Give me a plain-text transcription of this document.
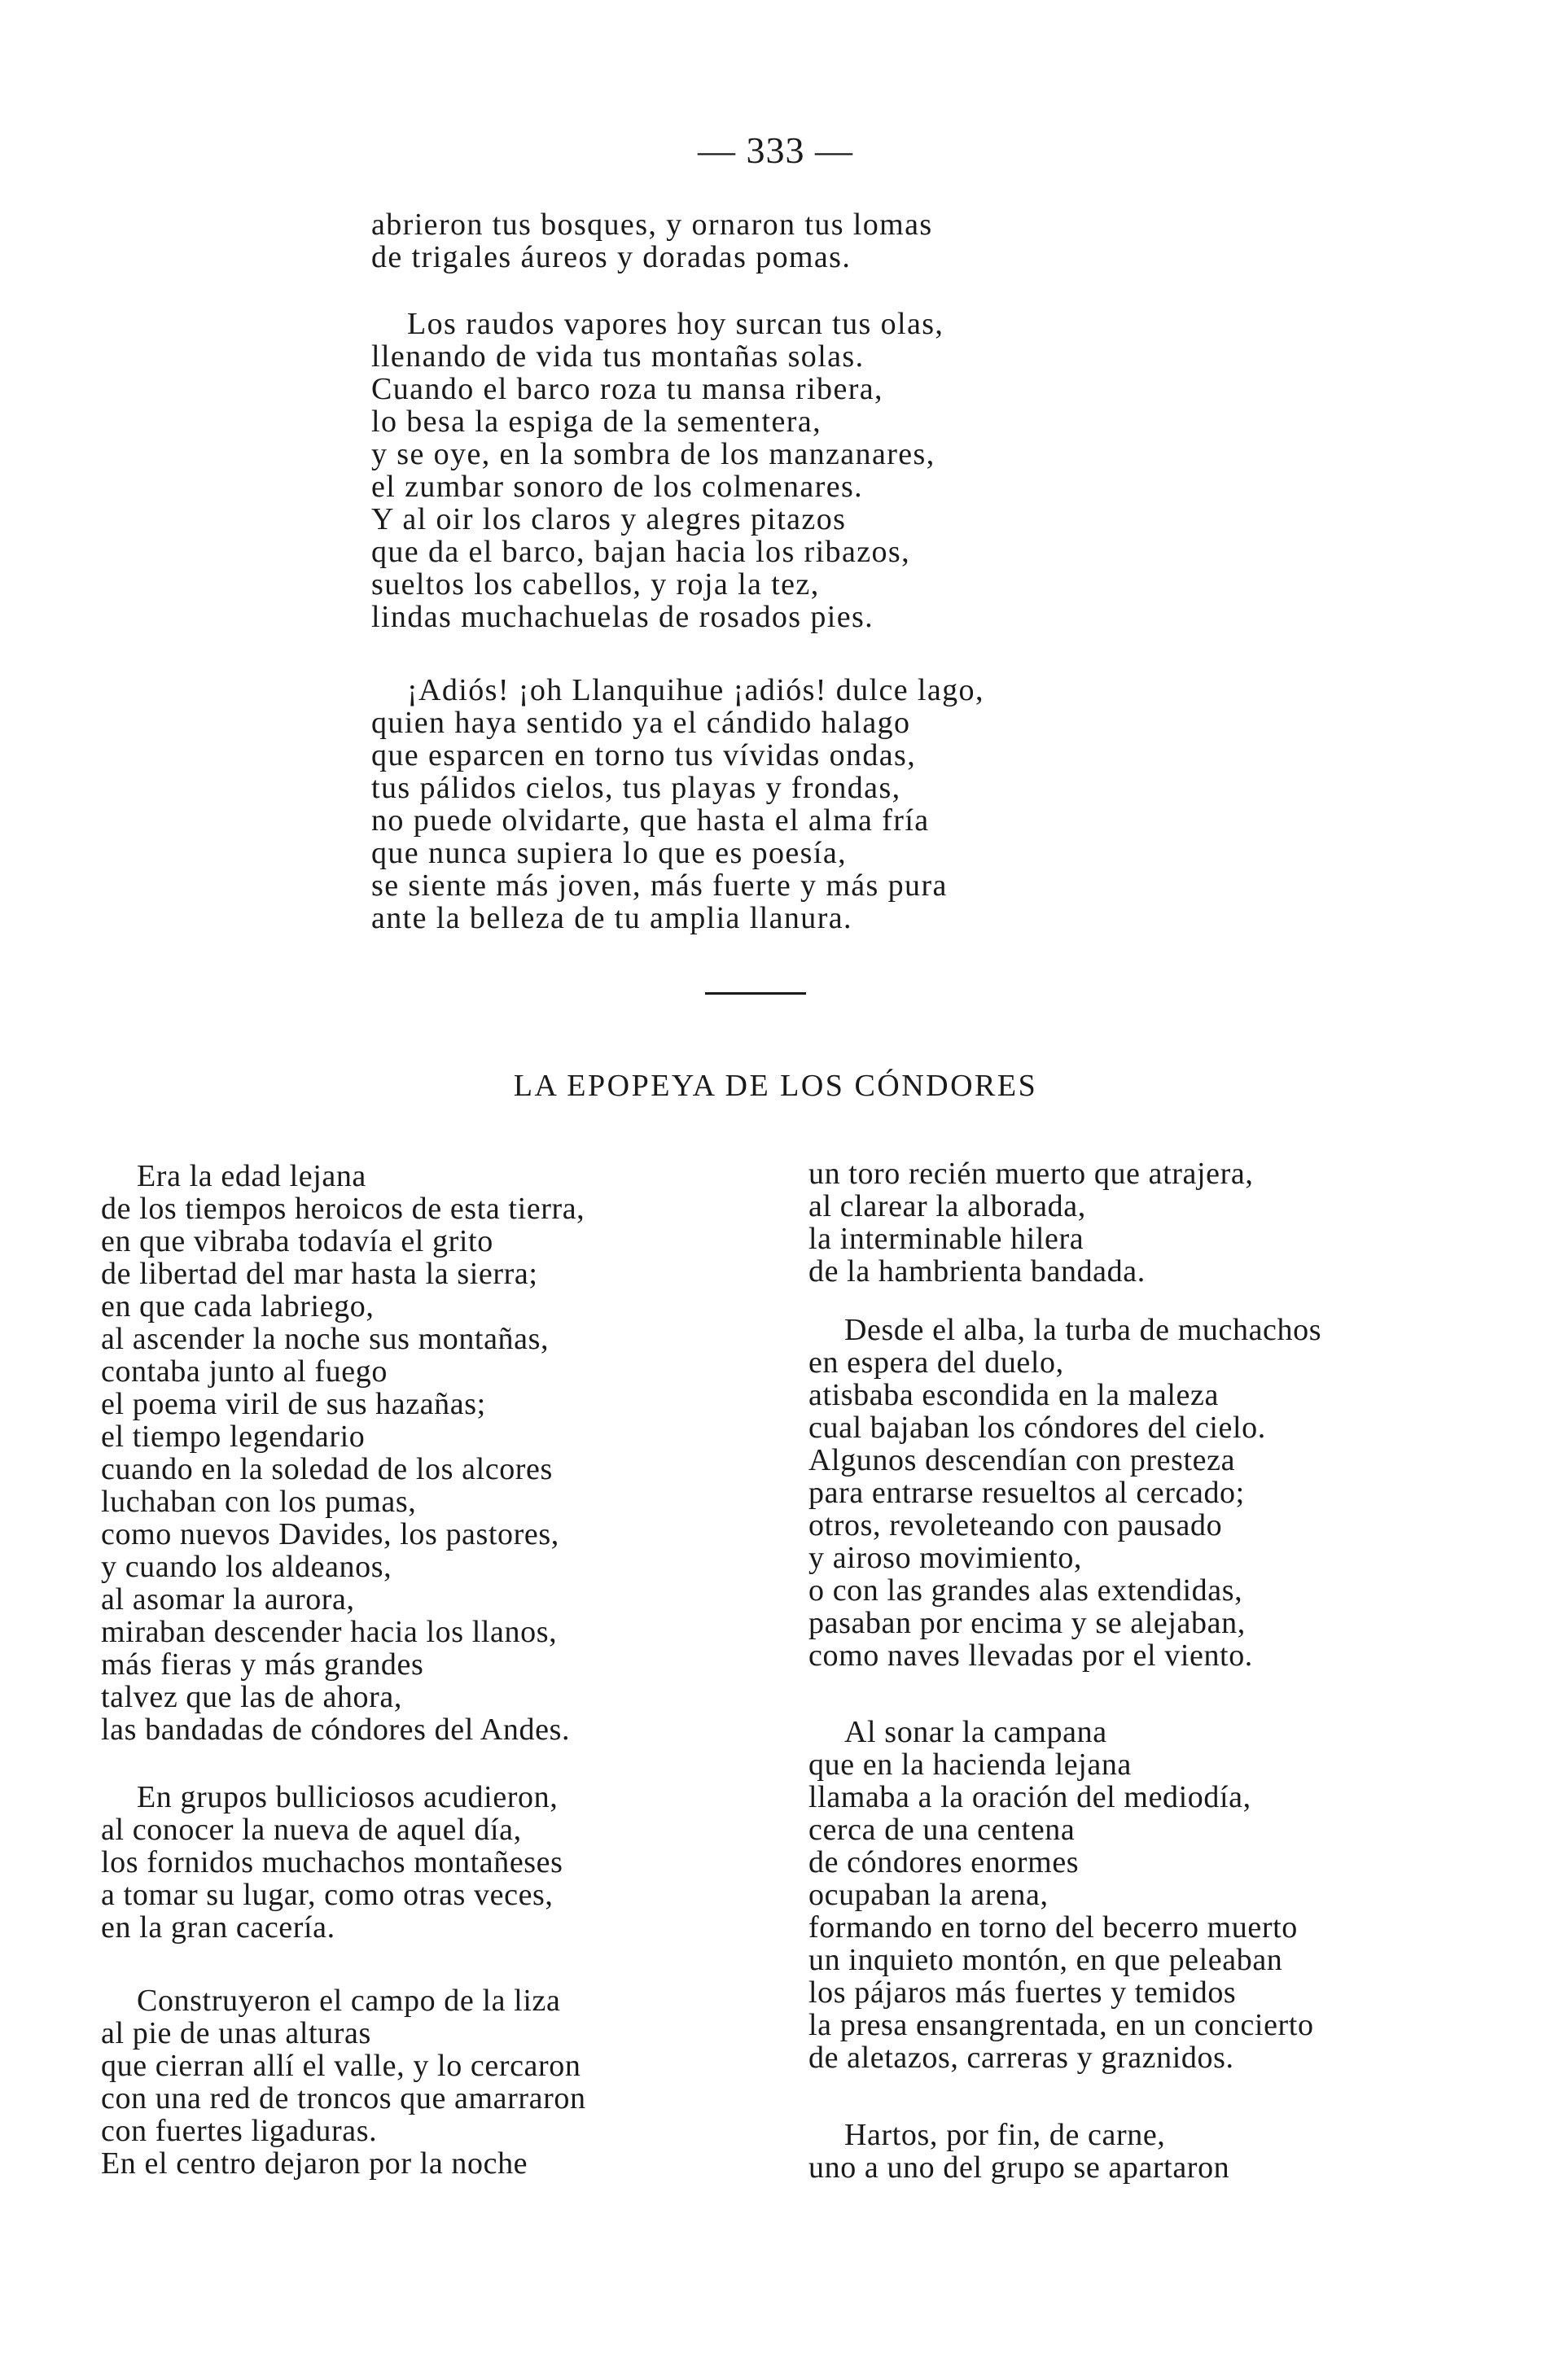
— 333 —
abrieron tus bosques, y ornaron tus lomas
de trigales áureos y doradas pomas.
Los raudos vapores hoy surcan tus olas,
llenando de vida tus montañas solas.
Cuando el barco roza tu mansa ribera,
lo besa la espiga de la sementera,
y se oye, en la sombra de los manzanares,
el zumbar sonoro de los colmenares.
Y al oir los claros y alegres pitazos
que da el barco, bajan hacia los ribazos,
sueltos los cabellos, y roja la tez,
lindas muchachuelas de rosados pies.
¡Adiós! ¡oh Llanquihue ¡adiós! dulce lago,
quien haya sentido ya el cándido halago
que esparcen en torno tus vívidas ondas,
tus pálidos cielos, tus playas y frondas,
no puede olvidarte, que hasta el alma fría
que nunca supiera lo que es poesía,
se siente más joven, más fuerte y más pura
ante la belleza de tu amplia llanura.
LA EPOPEYA DE LOS CÓNDORES
Era la edad lejana
de los tiempos heroicos de esta tierra,
en que vibraba todavía el grito
de libertad del mar hasta la sierra;
en que cada labriego,
al ascender la noche sus montañas,
contaba junto al fuego
el poema viril de sus hazañas;
el tiempo legendario
cuando en la soledad de los alcores
luchaban con los pumas,
como nuevos Davides, los pastores,
y cuando los aldeanos,
al asomar la aurora,
miraban descender hacia los llanos,
más fieras y más grandes
talvez que las de ahora,
las bandadas de cóndores del Andes.
En grupos bulliciosos acudieron,
al conocer la nueva de aquel día,
los fornidos muchachos montañeses
a tomar su lugar, como otras veces,
en la gran cacería.
Construyeron el campo de la liza
al pie de unas alturas
que cierran allí el valle, y lo cercaron
con una red de troncos que amarraron
con fuertes ligaduras.
En el centro dejaron por la noche
un toro recién muerto que atrajera,
al clarear la alborada,
la interminable hilera
de la hambrienta bandada.
Desde el alba, la turba de muchachos
en espera del duelo,
atisbaba escondida en la maleza
cual bajaban los cóndores del cielo.
Algunos descendían con presteza
para entrarse resueltos al cercado;
otros, revoleteando con pausado
y airoso movimiento,
o con las grandes alas extendidas,
pasaban por encima y se alejaban,
como naves llevadas por el viento.
Al sonar la campana
que en la hacienda lejana
llamaba a la oración del mediodía,
cerca de una centena
de cóndores enormes
ocupaban la arena,
formando en torno del becerro muerto
un inquieto montón, en que peleaban
los pájaros más fuertes y temidos
la presa ensangrentada, en un concierto
de aletazos, carreras y graznidos.
Hartos, por fin, de carne,
uno a uno del grupo se apartaron
